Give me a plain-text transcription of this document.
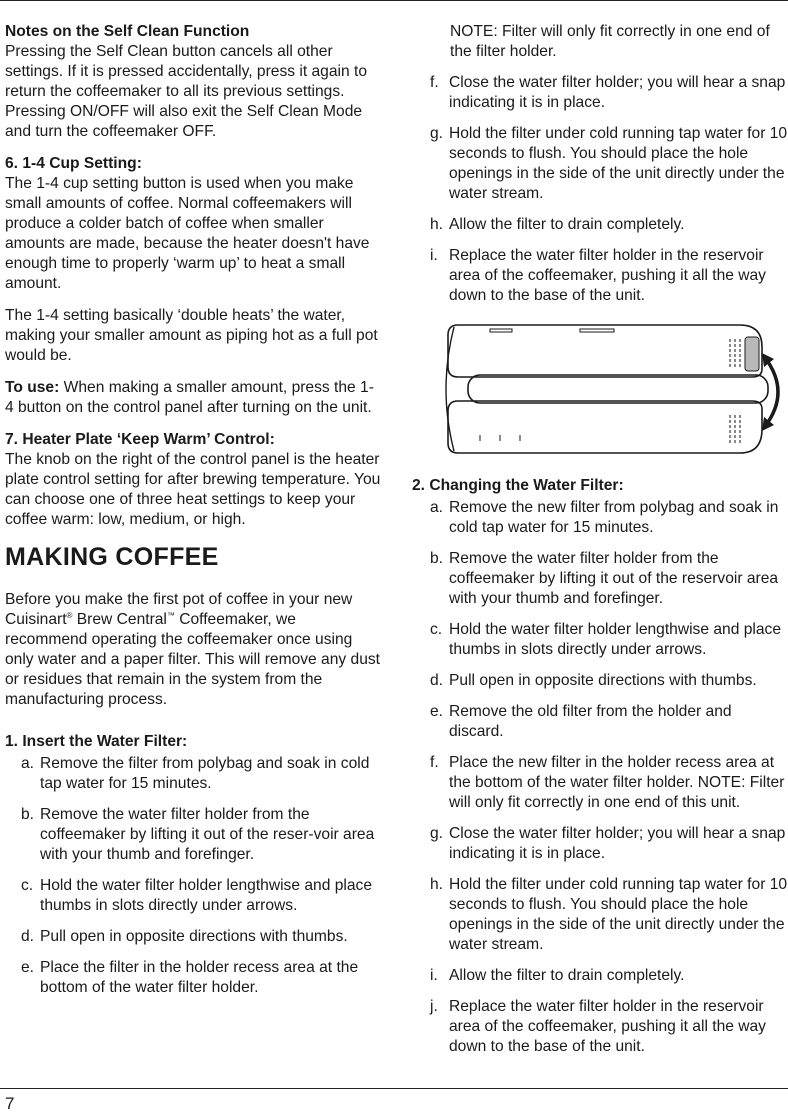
Notes on the Self Clean Function
Pressing the Self Clean button cancels all other settings. If it is pressed accidentally, press it again to return the coffeemaker to all its previous settings. Pressing ON/OFF will also exit the Self Clean Mode and turn the coffeemaker OFF.

6. 1-4 Cup Setting:
The 1-4 cup setting button is used when you make small amounts of coffee. Normal coffeemakers will produce a colder batch of coffee when smaller amounts are made, because the heater doesn't have enough time to properly ‘warm up’ to heat a small amount.

The 1-4 setting basically ‘double heats’ the water, making your smaller amount as piping hot as a full pot would be.

To use: When making a smaller amount, press the 1-4 button on the control panel after turning on the unit.

7. Heater Plate ‘Keep Warm’ Control:
The knob on the right of the control panel is the heater plate control setting for after brewing temperature. You can choose one of three heat settings to keep your coffee warm: low, medium, or high.

MAKING COFFEE

Before you make the first pot of coffee in your new Cuisinart® Brew Central™ Coffeemaker, we recommend operating the coffeemaker once using only water and a paper filter. This will remove any dust or residues that remain in the system from the manufacturing process.

1. Insert the Water Filter:
a. Remove the filter from polybag and soak in cold tap water for 15 minutes.
b. Remove the water filter holder from the coffeemaker by lifting it out of the reser-voir area with your thumb and forefinger.
c. Hold the water filter holder lengthwise and place thumbs in slots directly under arrows.
d. Pull open in opposite directions with thumbs.
e. Place the filter in the holder recess area at the bottom of the water filter holder.
NOTE: Filter will only fit correctly in one end of the filter holder.
f. Close the water filter holder; you will hear a snap indicating it is in place.
g. Hold the filter under cold running tap water for 10 seconds to flush. You should place the hole openings in the side of the unit directly under the water stream.
h. Allow the filter to drain completely.
i. Replace the water filter holder in the reservoir area of the coffeemaker, pushing it all the way down to the base of the unit.
2. Changing the Water Filter:
a. Remove the new filter from polybag and soak in cold tap water for 15 minutes.
b. Remove the water filter holder from the coffeemaker by lifting it out of the reservoir area with your thumb and forefinger.
c. Hold the water filter holder lengthwise and place thumbs in slots directly under arrows.
d. Pull open in opposite directions with thumbs.
e. Remove the old filter from the holder and discard.
f. Place the new filter in the holder recess area at the bottom of the water filter holder. NOTE: Filter will only fit correctly in one end of this unit.
g. Close the water filter holder; you will hear a snap indicating it is in place.
h. Hold the filter under cold running tap water for 10 seconds to flush. You should place the hole openings in the side of the unit directly under the water stream.
i. Allow the filter to drain completely.
j. Replace the water filter holder in the reservoir area of the coffeemaker, pushing it all the way down to the base of the unit.
7
